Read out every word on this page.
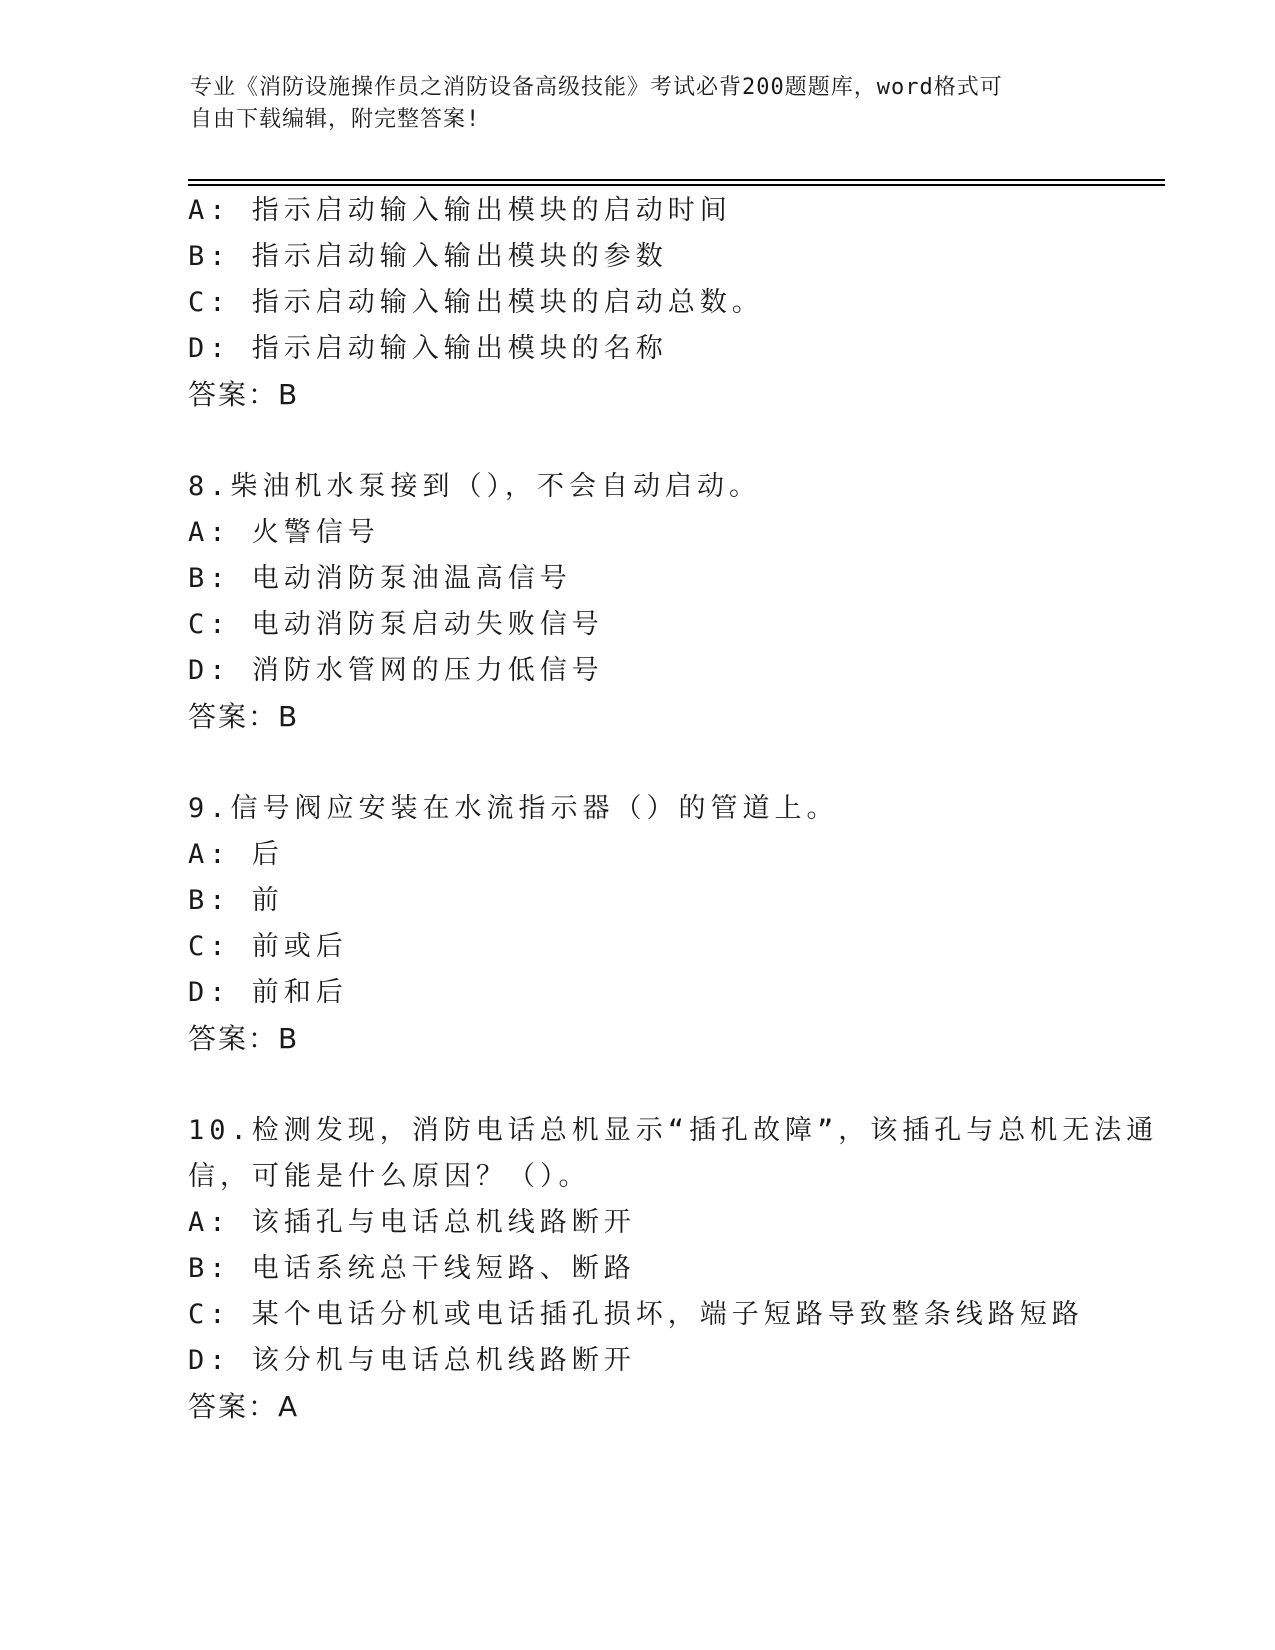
专业《消防设施操作员之消防设备高级技能》考试必背200题题库，word格式可
自由下载编辑，附完整答案!
A: 指示启动输入输出模块的启动时间
B: 指示启动输入输出模块的参数
C: 指示启动输入输出模块的启动总数。
D: 指示启动输入输出模块的名称
答案：B
8.柴油机水泵接到（），不会自动启动。
A: 火警信号
B: 电动消防泵油温高信号
C: 电动消防泵启动失败信号
D: 消防水管网的压力低信号
答案：B
9.信号阀应安装在水流指示器（）的管道上。
A: 后
B: 前
C: 前或后
D: 前和后
答案：B
10.检测发现，消防电话总机显示“插孔故障”，该插孔与总机无法通
信，可能是什么原因？（）。
A: 该插孔与电话总机线路断开
B: 电话系统总干线短路、断路
C: 某个电话分机或电话插孔损坏，端子短路导致整条线路短路
D: 该分机与电话总机线路断开
答案：A
